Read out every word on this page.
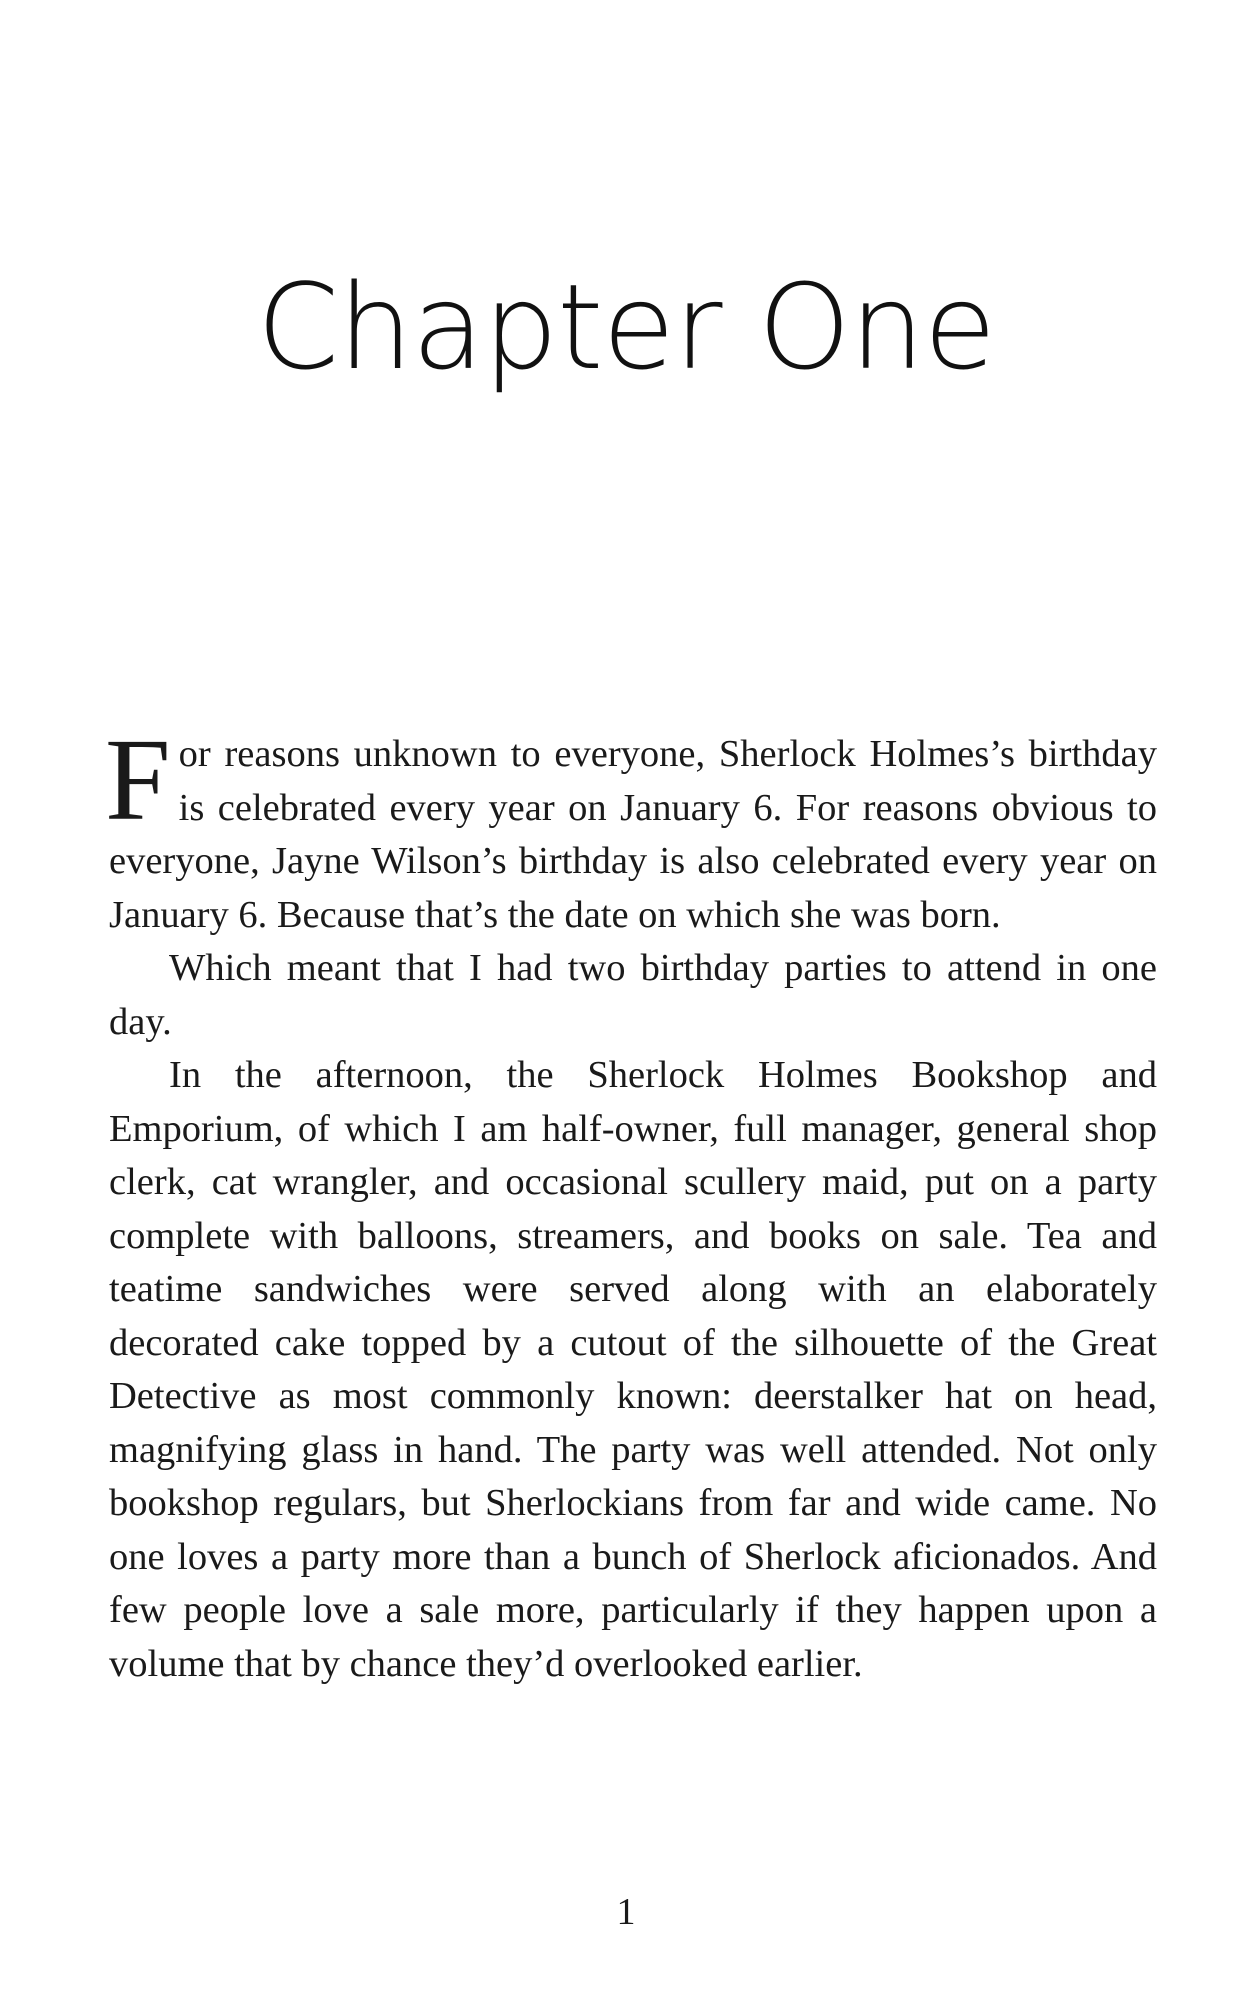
Chapter One

For reasons unknown to everyone, Sherlock Holmes’s birthday is celebrated every year on January 6. For reasons obvious to everyone, Jayne Wilson’s birthday is also celebrated every year on January 6. Because that’s the date on which she was born.

Which meant that I had two birthday parties to attend in one day.

In the afternoon, the Sherlock Holmes Bookshop and Emporium, of which I am half-owner, full manager, general shop clerk, cat wrangler, and occasional scullery maid, put on a party complete with balloons, streamers, and books on sale. Tea and teatime sandwiches were served along with an elaborately decorated cake topped by a cutout of the silhouette of the Great Detective as most commonly known: deerstalker hat on head, magnifying glass in hand. The party was well attended. Not only bookshop regulars, but Sherlockians from far and wide came. No one loves a party more than a bunch of Sherlock aficionados. And few people love a sale more, particularly if they happen upon a volume that by chance they’d overlooked earlier.

1
